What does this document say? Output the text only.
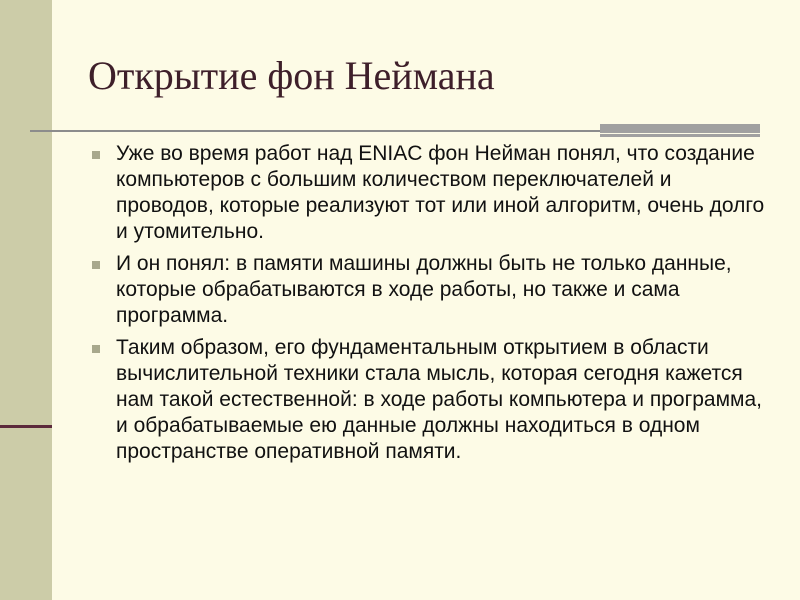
Открытие фон Неймана
Уже во время работ над ENIAC фон Нейман понял, что создание компьютеров с большим количеством переключателей и проводов, которые реализуют тот или иной алгоритм, очень долго и утомительно.
И он понял: в памяти машины должны быть не только данные, которые обрабатываются в ходе работы, но также и сама программа.
Таким образом, его фундаментальным открытием в области вычислительной техники стала мысль, которая сегодня кажется нам такой естественной: в ходе работы компьютера и программа, и обрабатываемые ею данные должны находиться в одном пространстве оперативной памяти.
